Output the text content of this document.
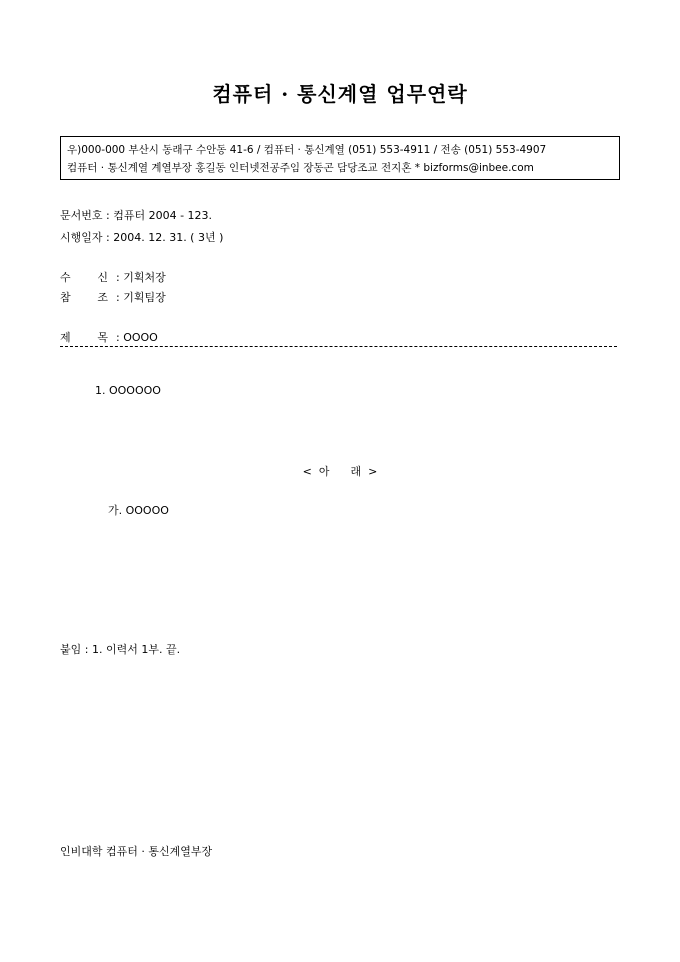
컴퓨터 · 통신계열 업무연락
우)000-000 부산시 동래구 수안동 41-6 / 컴퓨터 · 통신계열 (051) 553-4911 / 전송 (051) 553-4907
컴퓨터 · 통신계열 계열부장 홍길동 인터넷전공주임 장동곤 담당조교 전지혼 * bizforms@inbee.com
문서번호 : 컴퓨터 2004 - 123.
시행일자 : 2004. 12. 31. ( 3년 )
수 신 : 기획처장
참 조 : 기획팀장
제 목 : OOOO
1. OOOOOO
<  아      래  >
가. OOOOO
붙임 : 1. 이력서 1부. 끝.
인비대학 컴퓨터 · 통신계열부장
